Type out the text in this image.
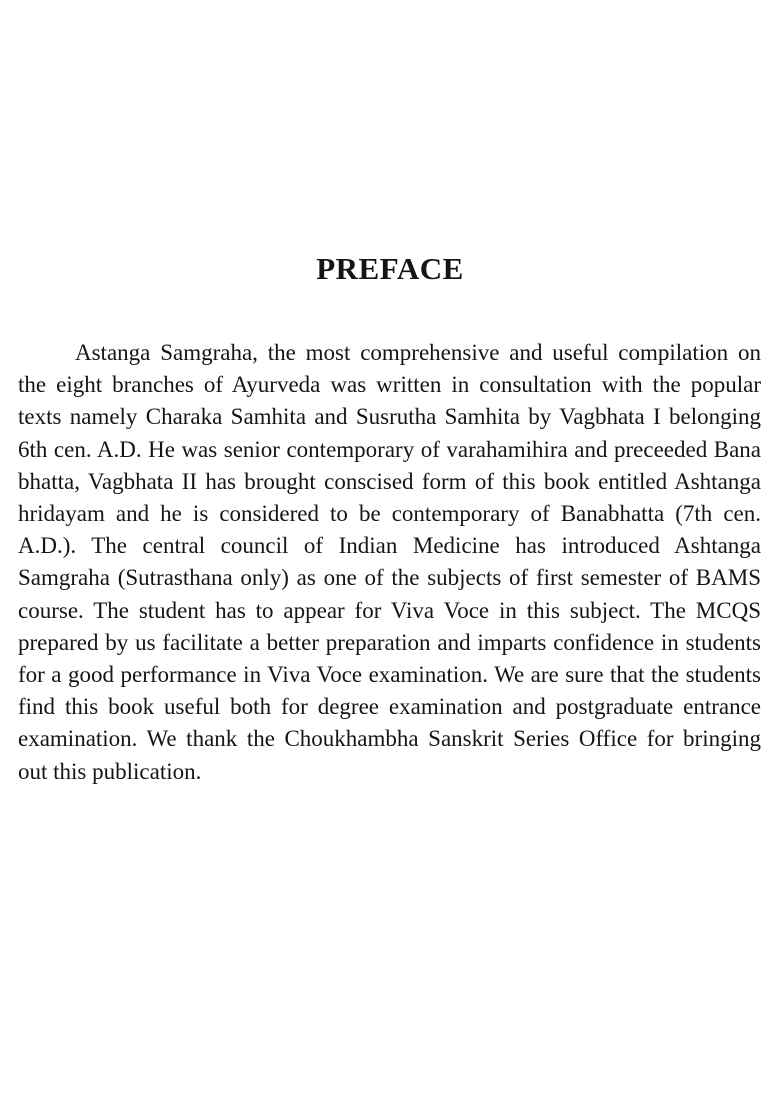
PREFACE

Astanga Samgraha, the most comprehensive and useful compilation on the eight branches of Ayurveda was written in consultation with the popular texts namely Charaka Samhita and Susrutha Samhita by Vagbhata I belonging 6th cen. A.D. He was senior contemporary of varahamihira and preceeded Bana bhatta, Vagbhata II has brought conscised form of this book entitled Ashtanga hridayam and he is considered to be contemporary of Banabhatta (7th cen. A.D.). The central council of Indian Medicine has introduced Ashtanga Samgraha (Sutrasthana only) as one of the subjects of first semester of BAMS course. The student has to appear for Viva Voce in this subject. The MCQS prepared by us facilitate a better preparation and imparts confidence in students for a good performance in Viva Voce examination. We are sure that the students find this book useful both for degree examination and postgraduate entrance examination. We thank the Choukhambha Sanskrit Series Office for bringing out this publication.
